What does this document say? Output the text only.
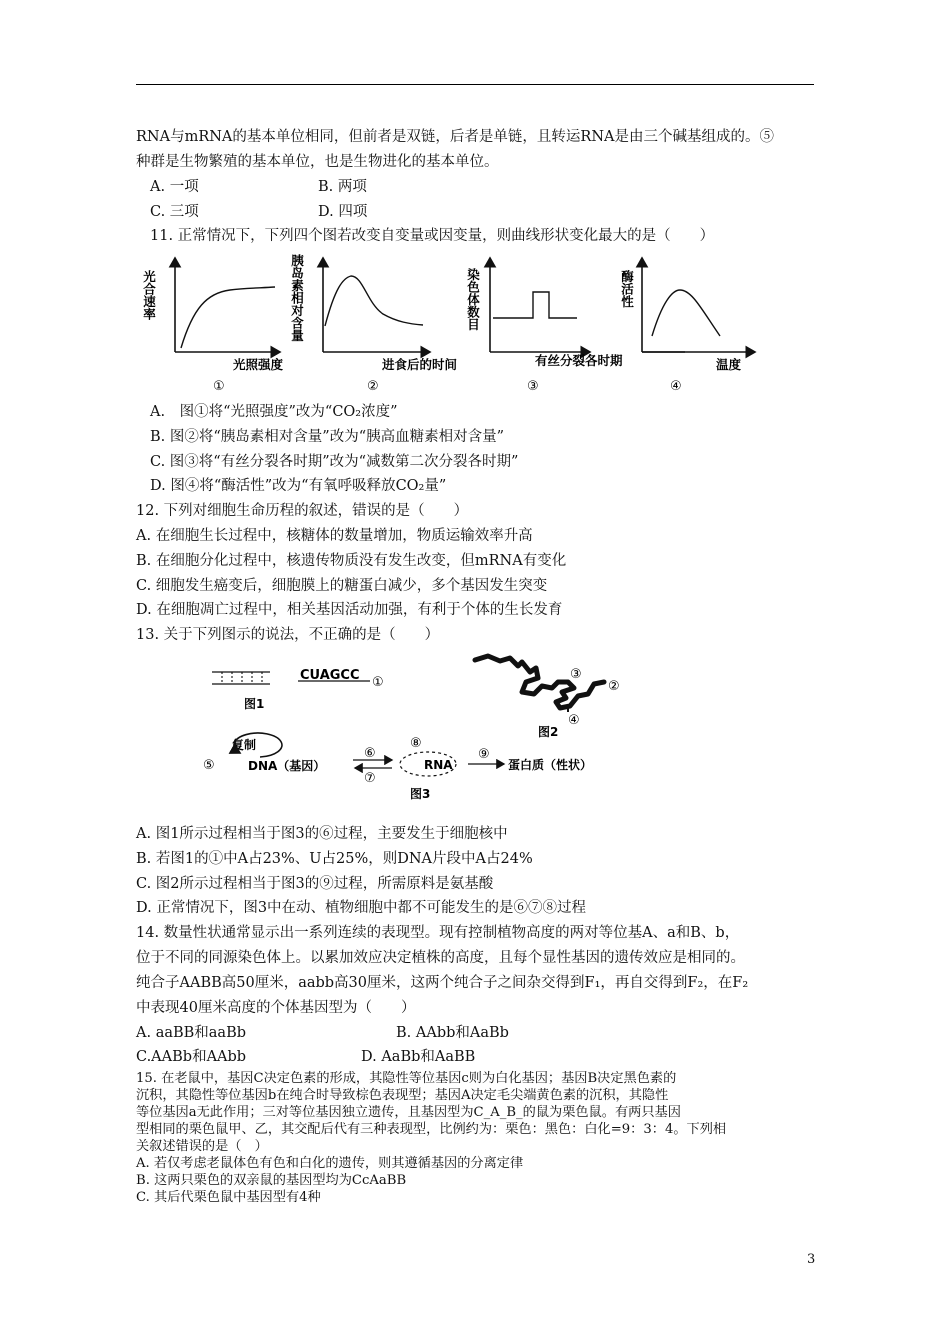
RNA与mRNA的基本单位相同，但前者是双链，后者是单链，且转运RNA是由三个碱基组成的。⑤
种群是生物繁殖的基本单位，也是生物进化的基本单位。
A. 一项	B. 两项
C. 三项	D. 四项
11. 正常情况下，下列四个图若改变自变量或因变量，则曲线形状变化最大的是（　　）
光合速率
光照强度
①
胰岛素相对含量
进食后的时间
②
染色体数目
有丝分裂各时期
③
酶活性
④
温度
A.　图①将“光照强度”改为“CO₂浓度”
B. 图②将“胰岛素相对含量”改为“胰高血糖素相对含量”
C. 图③将“有丝分裂各时期”改为“减数第二次分裂各时期”
D. 图④将“酶活性”改为“有氧呼吸释放CO₂量”
12. 下列对细胞生命历程的叙述，错误的是（　　）
A. 在细胞生长过程中，核糖体的数量增加，物质运输效率升高
B. 在细胞分化过程中，核遗传物质没有发生改变，但mRNA有变化
C. 细胞发生癌变后，细胞膜上的糖蛋白减少，多个基因发生突变
D. 在细胞凋亡过程中，相关基因活动加强，有利于个体的生长发育
13. 关于下列图示的说法，不正确的是（　　）
CUAGCC ①
图1
③
②
④
图2
⑤
复制
DNA（基因）
⑥
⑦
⑧
RNA
⑨
蛋白质（性状）
图3
A. 图1所示过程相当于图3的⑥过程，主要发生于细胞核中
B. 若图1的①中A占23%、U占25%，则DNA片段中A占24%
C. 图2所示过程相当于图3的⑨过程，所需原料是氨基酸
D. 正常情况下，图3中在动、植物细胞中都不可能发生的是⑥⑦⑧过程
14. 数量性状通常显示出一系列连续的表现型。现有控制植物高度的两对等位基A、a和B、b，
位于不同的同源染色体上。以累加效应决定植株的高度，且每个显性基因的遗传效应是相同的。
纯合子AABB高50厘米，aabb高30厘米，这两个纯合子之间杂交得到F₁，再自交得到F₂，在F₂
中表现40厘米高度的个体基因型为（　　）
A. aaBB和aaBb	B. AAbb和AaBb
C.AABb和AAbb	D. AaBb和AaBB
15. 在老鼠中，基因C决定色素的形成，其隐性等位基因c则为白化基因；基因B决定黑色素的
沉积，其隐性等位基因b在纯合时导致棕色表现型；基因A决定毛尖端黄色素的沉积，其隐性
等位基因a无此作用；三对等位基因独立遗传，且基因型为C_A_B_的鼠为栗色鼠。有两只基因
型相同的栗色鼠甲、乙，其交配后代有三种表现型，比例约为：栗色：黑色：白化=9：3：4。下列相
关叙述错误的是（　）
A. 若仅考虑老鼠体色有色和白化的遗传，则其遵循基因的分离定律
B. 这两只栗色的双亲鼠的基因型均为CcAaBB
C. 其后代栗色鼠中基因型有4种
3
